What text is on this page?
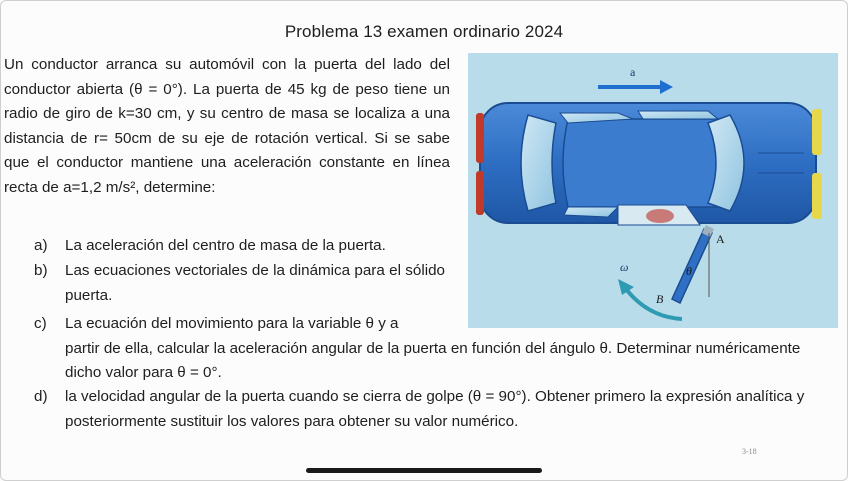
Problema 13 examen ordinario 2024

Un conductor arranca su automóvil con la puerta del lado del conductor abierta (θ = 0°). La puerta de 45 kg de peso tiene un radio de giro de k=30 cm, y su centro de masa se localiza a una distancia de r= 50cm de su eje de rotación vertical. Si se sabe que el conductor mantiene una aceleración constante en línea recta de a=1,2 m/s², determine:

a) La aceleración del centro de masa de la puerta.
b) Las ecuaciones vectoriales de la dinámica para el sólido puerta.
c) La ecuación del movimiento para la variable θ y a
partir de ella, calcular la aceleración angular de la puerta en función del ángulo θ. Determinar numéricamente dicho valor para θ = 0°.
d) la velocidad angular de la puerta cuando se cierra de golpe (θ = 90°). Obtener primero la expresión analítica y posteriormente sustituir los valores para obtener su valor numérico.
a
A
B
θ
ω
3-18
